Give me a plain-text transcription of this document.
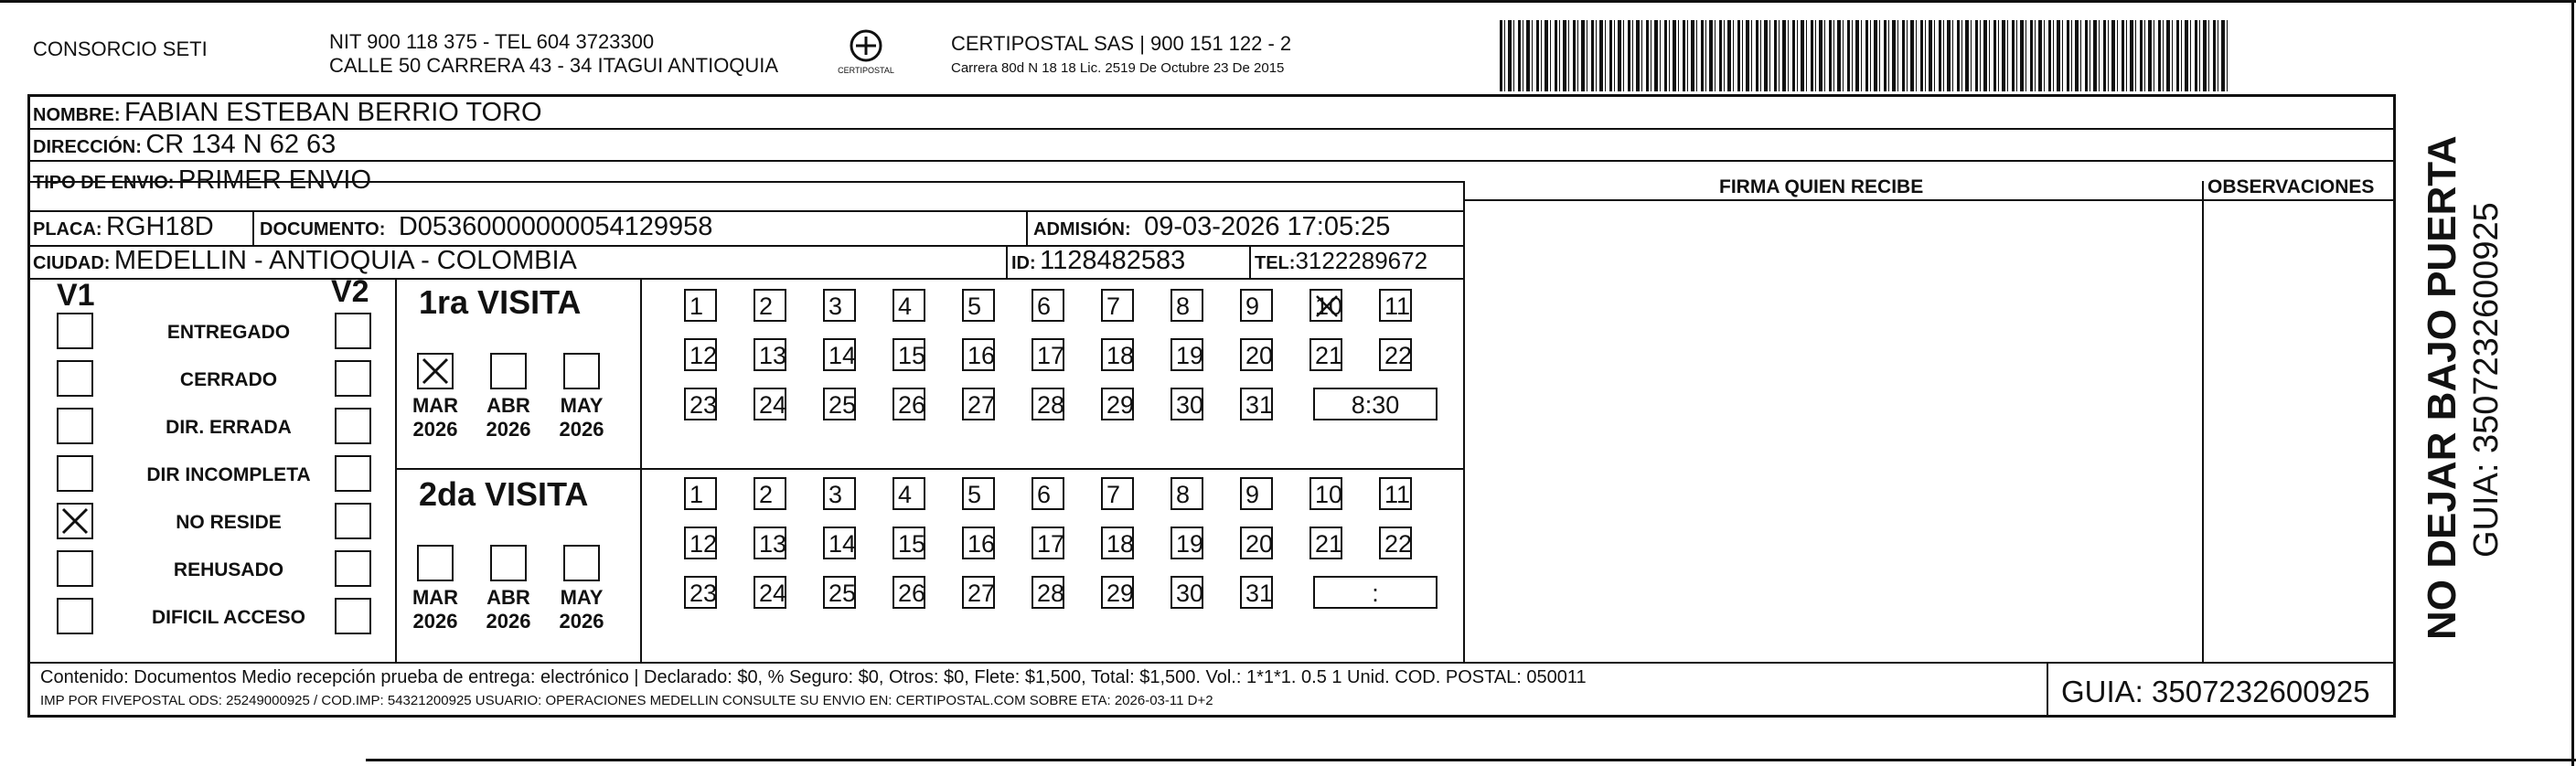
CONSORCIO SETI	NIT 900 118 375 - TEL 604 3723300
CALLE 50 CARRERA 43 - 34 ITAGUI ANTIOQUIA	CERTIPOSTAL
CERTIPOSTAL SAS | 900 151 122 - 2
Carrera 80d N 18 18 Lic. 2519 De Octubre 23 De 2015
NOMBRE: FABIAN ESTEBAN BERRIO TORO
DIRECCIÓN: CR 134 N 62 63
TIPO DE ENVIO: PRIMER ENVIO	FIRMA QUIEN RECIBE	OBSERVACIONES
PLACA: RGH18D	DOCUMENTO: D05360000000054129958	ADMISIÓN: 09-03-2026 17:05:25
CIUDAD: MEDELLIN - ANTIOQUIA - COLOMBIA	ID: 1128482583	TEL:3122289672
V1	V2
ENTREGADO
CERRADO
DIR. ERRADA
DIR INCOMPLETA
NO RESIDE
REHUSADO
DIFICIL ACCESO
1ra VISITA
2da VISITA
MAR
2026
ABR
2026
MAY
2026
MAR
2026
ABR
2026
MAY
2026
1	2	3	4	5	6	7	8	9	10 11
12 13 14 15 16 17 18 19 20 21 22
23 24 25 26 27 28 29 30 31	8:30
1	2	3	4	5	6	7	8	9	10 11
12 13 14 15 16 17 18 19 20 21 22
23 24 25 26 27 28 29 30 31	:
Contenido: Documentos Medio recepción prueba de entrega: electrónico | Declarado: $0, % Seguro: $0, Otros: $0, Flete: $1,500, Total: $1,500. Vol.: 1*1*1. 0.5 1 Unid. COD. POSTAL: 050011
IMP POR FIVEPOSTAL ODS: 25249000925 / COD.IMP: 54321200925 USUARIO: OPERACIONES MEDELLIN CONSULTE SU ENVIO EN: CERTIPOSTAL.COM SOBRE ETA: 2026-03-11 D+2	GUIA: 3507232600925
NO DEJAR BAJO PUERTA GUIA: 3507232600925
